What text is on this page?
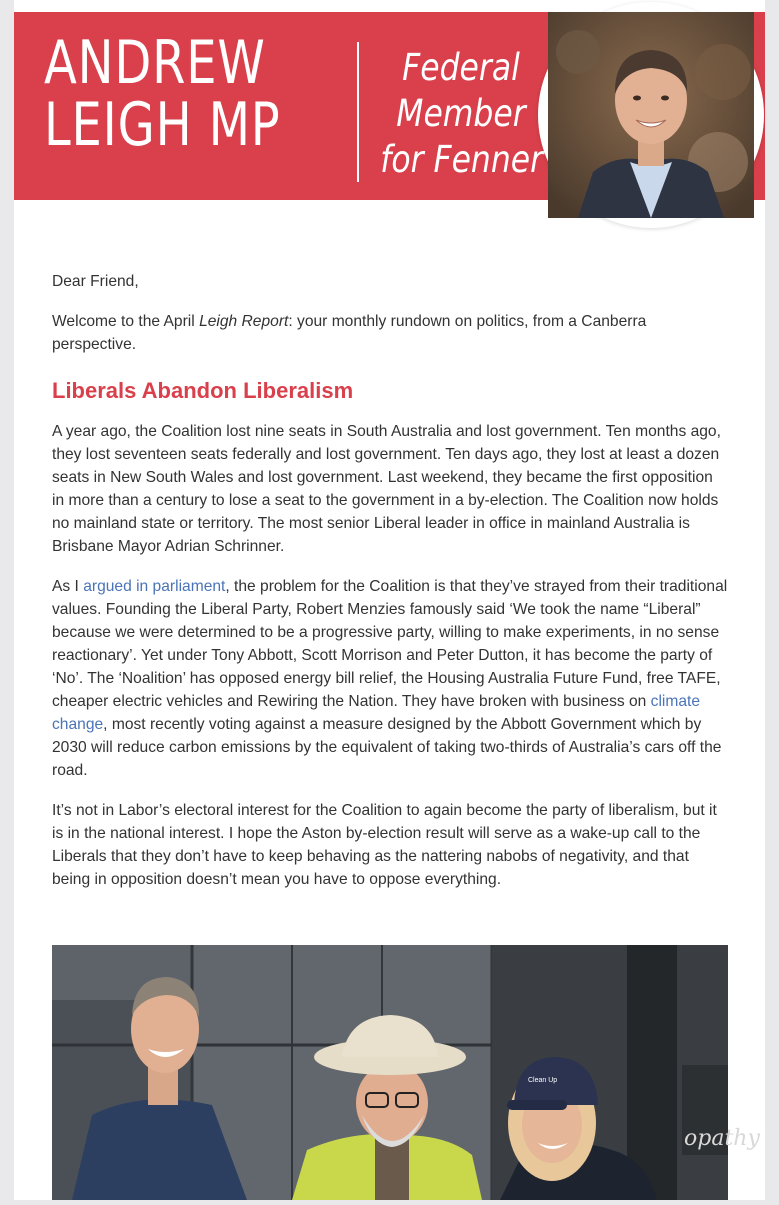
ANDREW
LEIGH MP
Federal
Member
for Fenner

Dear Friend,

Welcome to the April Leigh Report: your monthly rundown on politics, from a Canberra perspective.

Liberals Abandon Liberalism

A year ago, the Coalition lost nine seats in South Australia and lost government. Ten months ago, they lost seventeen seats federally and lost government. Ten days ago, they lost at least a dozen seats in New South Wales and lost government. Last weekend, they became the first opposition in more than a century to lose a seat to the government in a by-election. The Coalition now holds no mainland state or territory. The most senior Liberal leader in office in mainland Australia is Brisbane Mayor Adrian Schrinner.

As I argued in parliament, the problem for the Coalition is that they’ve strayed from their traditional values. Founding the Liberal Party, Robert Menzies famously said ‘We took the name “Liberal” because we were determined to be a progressive party, willing to make experiments, in no sense reactionary’. Yet under Tony Abbott, Scott Morrison and Peter Dutton, it has become the party of ‘No’. The ‘Noalition’ has opposed energy bill relief, the Housing Australia Future Fund, free TAFE, cheaper electric vehicles and Rewiring the Nation. They have broken with business on climate change, most recently voting against a measure designed by the Abbott Government which by 2030 will reduce carbon emissions by the equivalent of taking two-thirds of Australia’s cars off the road.

It’s not in Labor’s electoral interest for the Coalition to again become the party of liberalism, but it is in the national interest. I hope the Aston by-election result will serve as a wake-up call to the Liberals that they don’t have to keep behaving as the nattering nabobs of negativity, and that being in opposition doesn’t mean you have to oppose everything.

opathy
Clean Up
